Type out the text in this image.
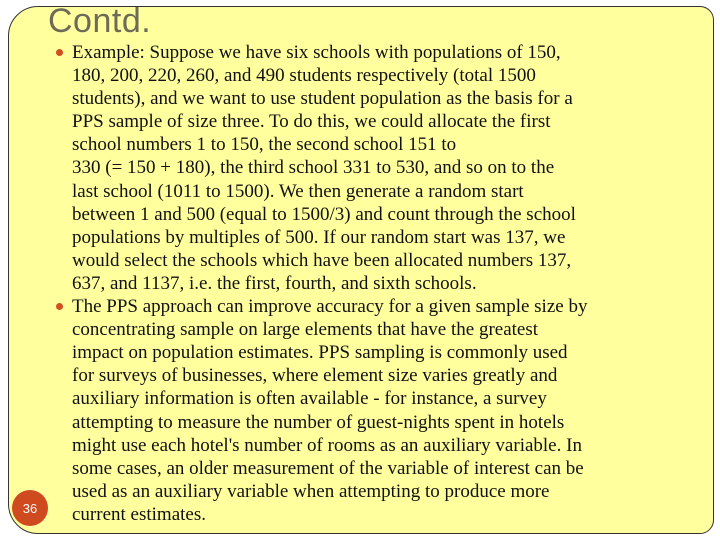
Contd.
Example: Suppose we have six schools with populations of 150,
180, 200, 220, 260, and 490 students respectively (total 1500
students), and we want to use student population as the basis for a
PPS sample of size three. To do this, we could allocate the first
school numbers 1 to 150, the second school 151 to
330 (= 150 + 180), the third school 331 to 530, and so on to the
last school (1011 to 1500). We then generate a random start
between 1 and 500 (equal to 1500/3) and count through the school
populations by multiples of 500. If our random start was 137, we
would select the schools which have been allocated numbers 137,
637, and 1137, i.e. the first, fourth, and sixth schools.
The PPS approach can improve accuracy for a given sample size by
concentrating sample on large elements that have the greatest
impact on population estimates. PPS sampling is commonly used
for surveys of businesses, where element size varies greatly and
auxiliary information is often available - for instance, a survey
attempting to measure the number of guest-nights spent in hotels
might use each hotel's number of rooms as an auxiliary variable. In
some cases, an older measurement of the variable of interest can be
used as an auxiliary variable when attempting to produce more
current estimates.
36
